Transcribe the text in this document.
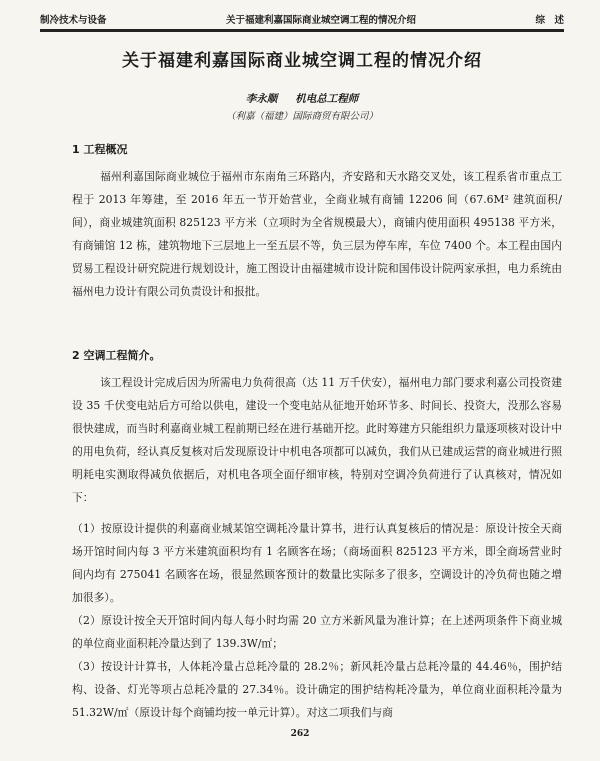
制冷技术与设备	关于福建利嘉国际商业城空调工程的情况介绍	综　述
关于福建利嘉国际商业城空调工程的情况介绍
李永顺 机电总工程师
（利嘉（福建）国际商贸有限公司）
1 工程概况
福州利嘉国际商业城位于福州市东南角三环路内，齐安路和天水路交叉处，该工程系省市重点工程于 2013 年筹建，至 2016 年五一节开始营业，全商业城有商铺 12206 间（67.6M² 建筑面积/间），商业城建筑面积 825123 平方米（立项时为全省规模最大），商铺内使用面积 495138 平方米，有商铺馆 12 栋，建筑物地下三层地上一至五层不等，负三层为停车库，车位 7400 个。本工程由国内贸易工程设计研究院进行规划设计，施工图设计由福建城市设计院和国伟设计院两家承担，电力系统由福州电力设计有限公司负责设计和报批。
2 空调工程简介。
该工程设计完成后因为所需电力负荷很高（达 11 万千伏安），福州电力部门要求利嘉公司投资建设 35 千伏变电站后方可给以供电，建设一个变电站从征地开始环节多、时间长、投资大，没那么容易很快建成，而当时利嘉商业城工程前期已经在进行基础开挖。此时筹建方只能组织力量逐项核对设计中的用电负荷，经认真反复核对后发现原设计中机电各项都可以减负，我们从已建成运营的商业城进行照明耗电实测取得减负依据后，对机电各项全面仔细审核，特别对空调冷负荷进行了认真核对，情况如下：
（1）按原设计提供的利嘉商业城某馆空调耗冷量计算书，进行认真复核后的情况是：原设计按全天商场开馆时间内每 3 平方米建筑面积均有 1 名顾客在场；（商场面积 825123 平方米，即全商场营业时间内均有 275041 名顾客在场，很显然顾客预计的数量比实际多了很多，空调设计的冷负荷也随之增加很多）。
（2）原设计按全天开馆时间内每人每小时均需 20 立方米新风量为准计算；在上述两项条件下商业城的单位商业面积耗冷量达到了 139.3W/㎡；
（3）按设计计算书，人体耗冷量占总耗冷量的 28.2％；新风耗冷量占总耗冷量的 44.46％，围护结构、设备、灯光等项占总耗冷量的 27.34％。设计确定的围护结构耗冷量为，单位商业面积耗冷量为 51.32W/㎡（原设计每个商铺均按一单元计算）。对这二项我们与商
262
